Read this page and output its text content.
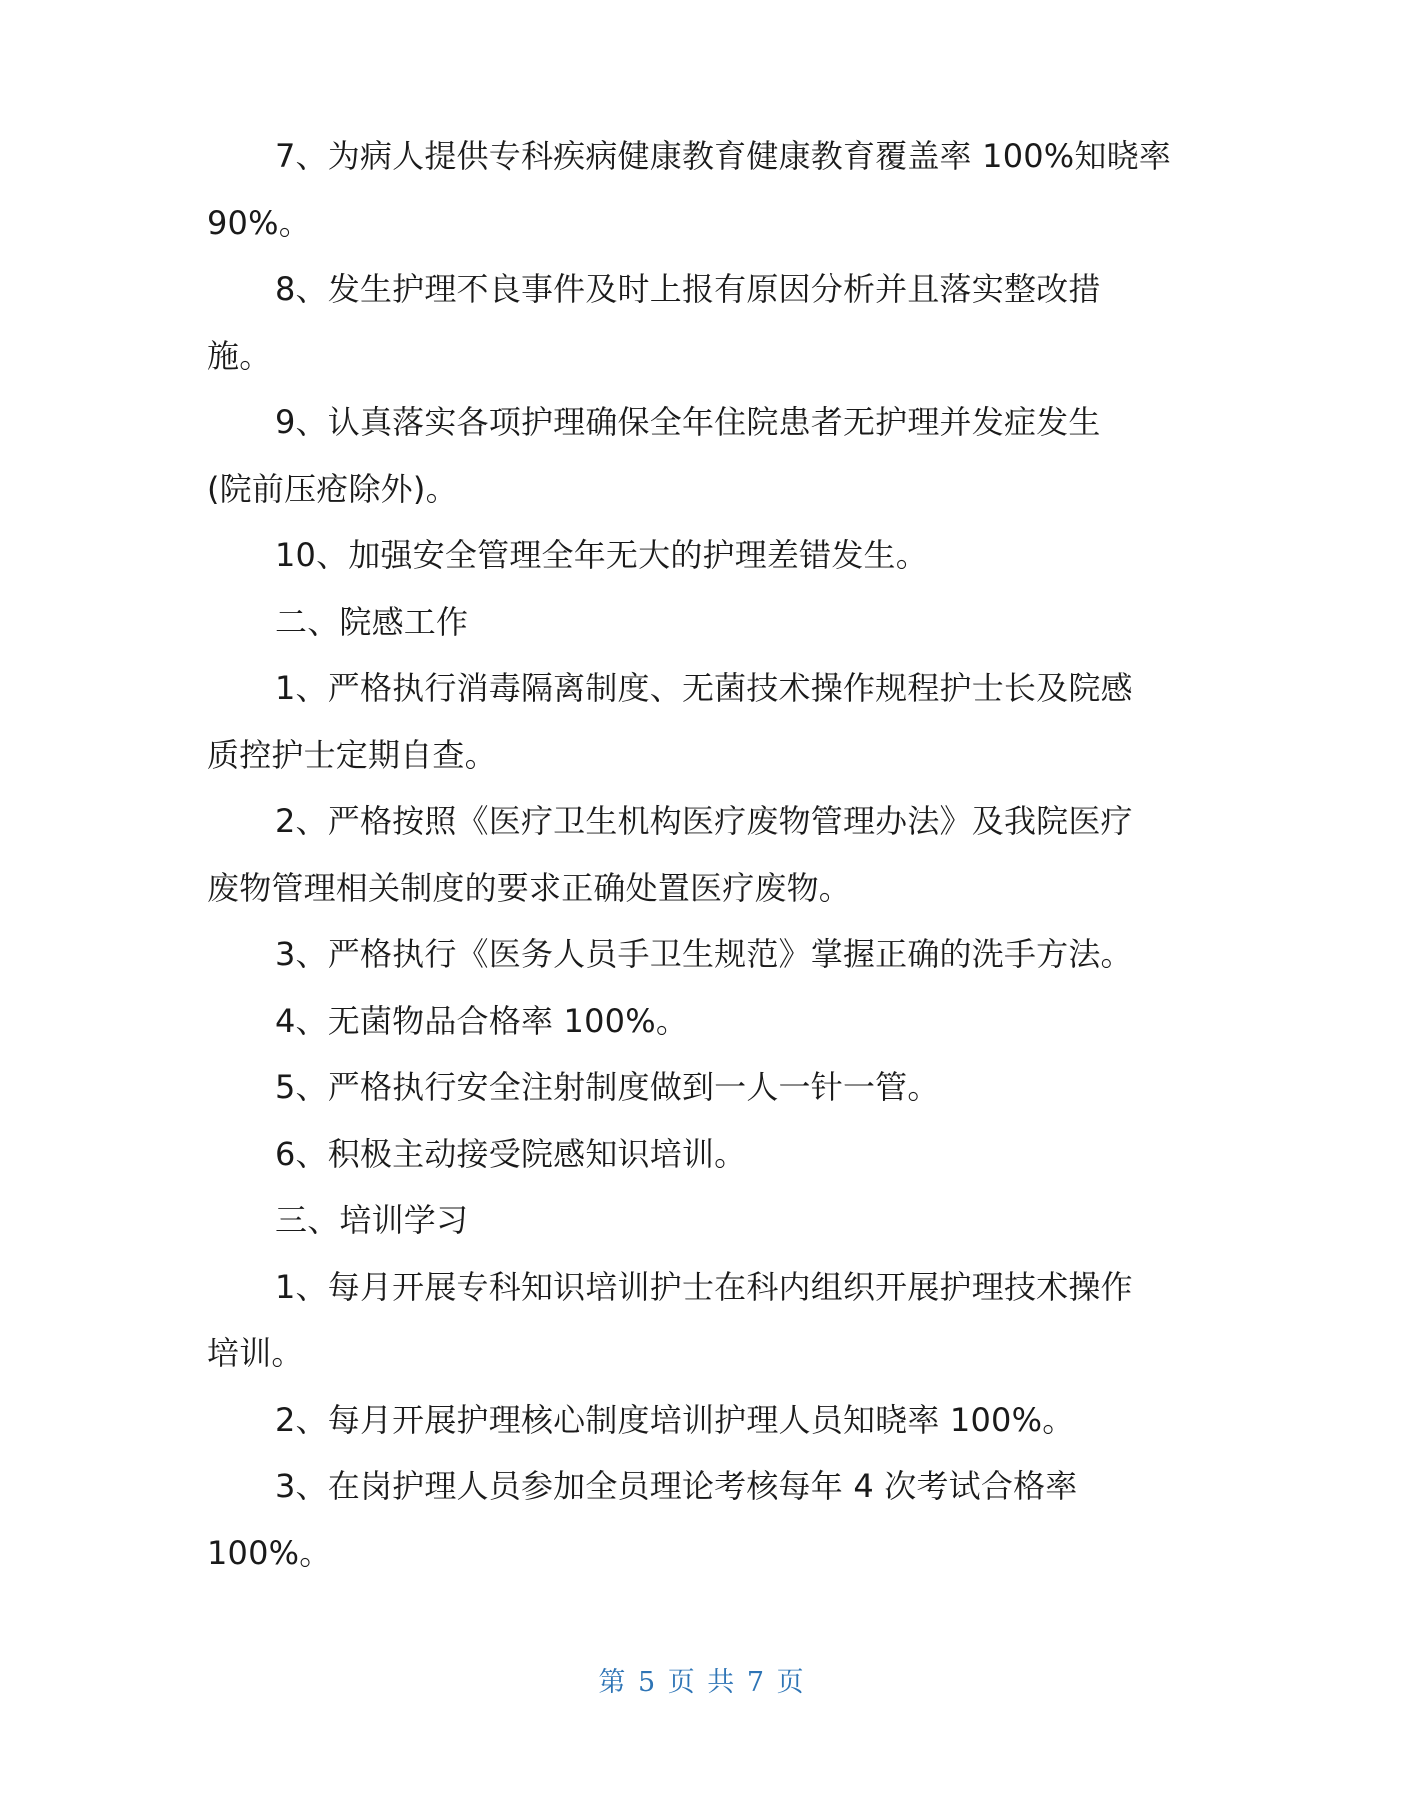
7、为病人提供专科疾病健康教育健康教育覆盖率 100%知晓率
90%。

8、发生护理不良事件及时上报有原因分析并且落实整改措
施。

9、认真落实各项护理确保全年住院患者无护理并发症发生
(院前压疮除外)。

10、加强安全管理全年无大的护理差错发生。

二、院感工作

1、严格执行消毒隔离制度、无菌技术操作规程护士长及院感
质控护士定期自查。

2、严格按照《医疗卫生机构医疗废物管理办法》及我院医疗
废物管理相关制度的要求正确处置医疗废物。

3、严格执行《医务人员手卫生规范》掌握正确的洗手方法。

4、无菌物品合格率 100%。

5、严格执行安全注射制度做到一人一针一管。

6、积极主动接受院感知识培训。

三、培训学习

1、每月开展专科知识培训护士在科内组织开展护理技术操作
培训。

2、每月开展护理核心制度培训护理人员知晓率 100%。

3、在岗护理人员参加全员理论考核每年 4 次考试合格率
100%。

第 5 页 共 7 页
